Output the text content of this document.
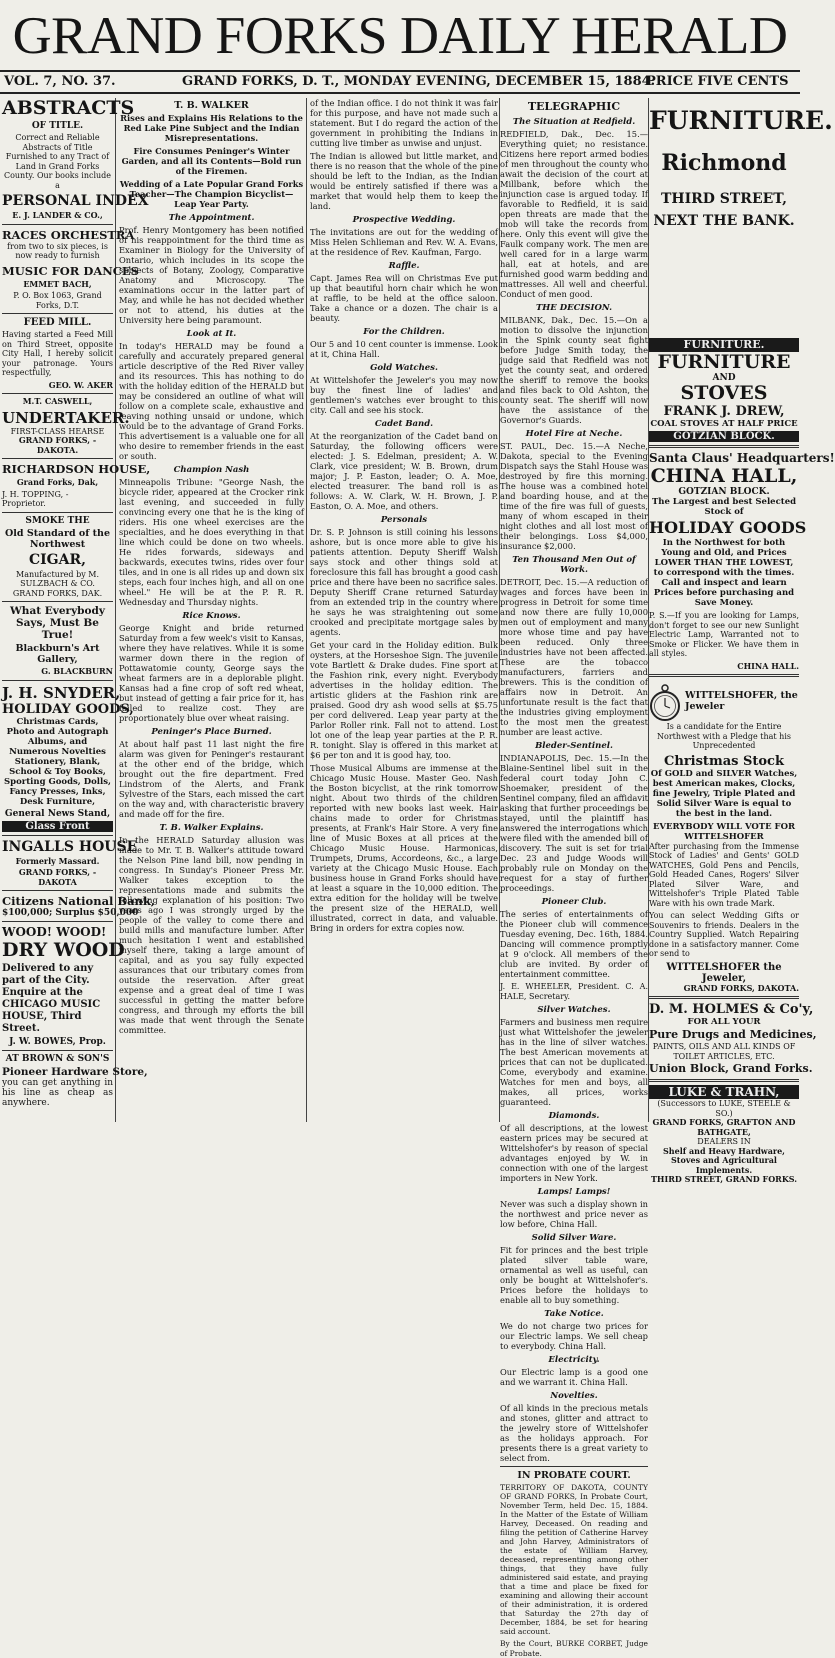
GRAND FORKS DAILY HERALD
VOL. 7, NO. 37.	GRAND FORKS, D. T., MONDAY EVENING, DECEMBER 15, 1884.
PRICE FIVE CENTS
ABSTRACTS
OF TITLE.

Correct and Reliable Abstracts of Title Furnished to any Tract of Land in Grand Forks County. Our books include a

PERSONAL INDEX
E. J. LANDER & CO.,
RACES ORCHESTRA

from two to six pieces, is now ready to furnish

MUSIC FOR DANCES
EMMET BACH,
P. O. Box 1063, Grand Forks, D.T.
FEED MILL.

Having started a Feed Mill on Third Street, opposite City Hall, I hereby solicit your patronage. Yours respectfully,

GEO. W. AKER
M.T. CASWELL,
UNDERTAKER.
FIRST-CLASS HEARSE
GRAND FORKS, - DAKOTA.
RICHARDSON HOUSE,
Grand Forks, Dak,
J. H. TOPPING, - Proprietor.
SMOKE THE
Old Standard of the Northwest
CIGAR,
Manufactured by M. SULZBACH & CO.
GRAND FORKS, DAK.
What Everybody Says, Must Be True!
Blackburn's Art Gallery,
G. BLACKBURN
J. H. SNYDER,
HOLIDAY GOODS,
Christmas Cards, Photo and Autograph Albums, and Numerous Novelties
Stationery, Blank, School & Toy Books, Sporting Goods, Dolls, Fancy Presses, Inks, Desk Furniture,
General News Stand,
Glass Front
INGALLS HOUSE
Formerly Massard.
GRAND FORKS, - DAKOTA
Citizens National Bank,
$100,000; Surplus $50,000
WOOD! WOOD!
DRY WOOD

Delivered to any part of the City. Enquire at the CHICAGO MUSIC HOUSE, Third Street.

J. W. BOWES, Prop.
AT BROWN & SON'S
Pioneer Hardware Store,

you can get anything in his line as cheap as anywhere.

T. B. WALKER

Rises and Explains His Relations to the Red Lake Pine Subject and the Indian Misrepresentations.

Fire Consumes Peninger's Winter Garden, and all its Contents—Bold run of the Firemen.

Wedding of a Late Popular Grand Forks Teacher—The Champion Bicyclist—Leap Year Party.

The Appointment.

Prof. Henry Montgomery has been notified of his reappointment for the third time as Examiner in Biology for the University of Ontario, which includes in its scope the subjects of Botany, Zoology, Comparative Anatomy and Microscopy. The examinations occur in the latter part of May, and while he has not decided whether or not to attend, his duties at the University here being paramount.

Look at It.

In today's HERALD may be found a carefully and accurately prepared general article descriptive of the Red River valley and its resources. This has nothing to do with the holiday edition of the HERALD but may be considered an outline of what will follow on a complete scale, exhaustive and leaving nothing unsaid or undone, which would be to the advantage of Grand Forks. This advertisement is a valuable one for all who desire to remember friends in the east or south.

Champion Nash

Minneapolis Tribune: "George Nash, the bicycle rider, appeared at the Crocker rink last evening, and succeeded in fully convincing every one that he is the king of riders. His one wheel exercises are the specialties, and he does everything in that line which could be done on two wheels. He rides forwards, sideways and backwards, executes twins, rides over four tiles, and in one is all rides up and down six steps, each four inches high, and all on one wheel." He will be at the P. R. R. Wednesday and Thursday nights.

Rice Knows.

George Knight and bride returned Saturday from a few week's visit to Kansas, where they have relatives. While it is some warmer down there in the region of Pottawatomie county, George says the wheat farmers are in a deplorable plight. Kansas had a fine crop of soft red wheat, but instead of getting a fair price for it, has failed to realize cost. They are proportionately blue over wheat raising.

Peninger's Place Burned.

At about half past 11 last night the fire alarm was given for Peninger's restaurant at the other end of the bridge, which brought out the fire department. Fred Lindstrom of the Alerts, and Frank Sylvestre of the Stars, each missed the cart on the way and, with characteristic bravery and made off for the fire.

T. B. Walker Explains.

In the HERALD Saturday allusion was made to Mr. T. B. Walker's attitude toward the Nelson Pine land bill, now pending in congress. In Sunday's Pioneer Press Mr. Walker takes exception to the representations made and submits the following explanation of his position: Two years ago I was strongly urged by the people of the valley to come there and build mills and manufacture lumber. After much hesitation I went and established myself there, taking a large amount of capital, and as you say fully expected assurances that our tributary comes from outside the reservation. After great expense and a great deal of time I was successful in getting the matter before congress, and through my efforts the bill was made that went through the Senate committee.

of the Indian office. I do not think it was fair for this purpose, and have not made such a statement. But I do regard the action of the government in prohibiting the Indians in cutting live timber as unwise and unjust.

The Indian is allowed but little market, and there is no reason that the whole of the pine should be left to the Indian, as the Indian would be entirely satisfied if there was a market that would help them to keep the land.

Prospective Wedding.

The invitations are out for the wedding of Miss Helen Schlieman and Rev. W. A. Evans, at the residence of Rev. Kaufman, Fargo.

Raffle.

Capt. James Rea will on Christmas Eve put up that beautiful horn chair which he won at raffle, to be held at the office saloon. Take a chance or a dozen. The chair is a beauty.

For the Children.

Our 5 and 10 cent counter is immense. Look at it, China Hall.

Gold Watches.

At Wittelshofer the Jeweler's you may now buy the finest line of ladies' and gentlemen's watches ever brought to this city. Call and see his stock.

Cadet Band.

At the reorganization of the Cadet band on Saturday, the following officers were elected: J. S. Edelman, president; A. W. Clark, vice president; W. B. Brown, drum major; J. P. Easton, leader; O. A. Moe, elected treasurer. The band roll is as follows: A. W. Clark, W. H. Brown, J. P. Easton, O. A. Moe, and others.

Personals

Dr. S. P. Johnson is still coining his lessons ashore, but is once more able to give his patients attention. Deputy Sheriff Walsh says stock and other things sold at foreclosure this fall has brought a good cash price and there have been no sacrifice sales. Deputy Sheriff Crane returned Saturday from an extended trip in the country where he says he was straightening out some crooked and precipitate mortgage sales by agents.

Get your card in the Holiday edition. Bulk oysters, at the Horseshoe Sign. The juvenile vote Bartlett & Drake dudes. Fine sport at the Fashion rink, every night. Everybody advertises in the holiday edition. The artistic gliders at the Fashion rink are praised. Good dry ash wood sells at $5.75 per cord delivered. Leap year party at the Parlor Roller rink. Fall not to attend. Lost lot one of the leap year parties at the P. R. R. tonight. Slay is offered in this market at $6 per ton and it is good hay, too.

Those Musical Albums are immense at the Chicago Music House. Master Geo. Nash the Boston bicyclist, at the rink tomorrow night. About two thirds of the children reported with new books last week. Hair chains made to order for Christmas presents, at Frank's Hair Store. A very fine line of Music Boxes at all prices at the Chicago Music House. Harmonicas, Trumpets, Drums, Accordeons, &c., a large variety at the Chicago Music House. Each business house in Grand Forks should have at least a square in the 10,000 edition. The extra edition for the holiday will be twelve the present size of the HERALD, well illustrated, correct in data, and valuable. Bring in orders for extra copies now.

TELEGRAPHIC
The Situation at Redfield.

REDFIELD, Dak., Dec. 15.—Everything quiet; no resistance. Citizens here report armed bodies of men throughout the county who await the decision of the court at Millbank, before which the injunction case is argued today. If favorable to Redfield, it is said open threats are made that the mob will take the records from here. Only this event will give the Faulk company work. The men are well cared for in a large warm hall, eat at hotels, and are furnished good warm bedding and mattresses. All well and cheerful. Conduct of men good.

THE DECISION.

MILBANK, Dak., Dec. 15.—On a motion to dissolve the injunction in the Spink county seat fight before Judge Smith today, the judge said that Redfield was not yet the county seat, and ordered the sheriff to remove the books and files back to Old Ashton, the county seat. The sheriff will now have the assistance of the Governor's Guards.

Hotel Fire at Neche.

ST. PAUL, Dec. 15.—A Neche, Dakota, special to the Evening Dispatch says the Stahl House was destroyed by fire this morning. The house was a combined hotel and boarding house, and at the time of the fire was full of guests, many of whom escaped in their night clothes and all lost most of their belongings. Loss $4,000, insurance $2,000.

Ten Thousand Men Out of Work.

DETROIT, Dec. 15.—A reduction of wages and forces have been in progress in Detroit for some time and now there are fully 10,000 men out of employment and many more whose time and pay have been reduced. Only three industries have not been affected. These are the tobacco manufacturers, farriers and brewers. This is the condition of affairs now in Detroit. An unfortunate result is the fact that the industries giving employment to the most men the greatest number are least active.

Bleder-Sentinel.

INDIANAPOLIS, Dec. 15.—In the Blaine-Sentinel libel suit in the federal court today John C. Shoemaker, president of the Sentinel company, filed an affidavit asking that further proceedings be stayed, until the plaintiff has answered the interrogations which were filed with the amended bill of discovery. The suit is set for trial Dec. 23 and Judge Woods will probably rule on Monday on the request for a stay of further proceedings.

Pioneer Club.

The series of entertainments of the Pioneer club will commence Tuesday evening, Dec. 16th, 1884. Dancing will commence promptly at 9 o'clock. All members of the club are invited. By order of entertainment committee.

J. E. WHEELER, President. C. A. HALE, Secretary.

Silver Watches.

Farmers and business men require just what Wittelshofer the jeweler has in the line of silver watches. The best American movements at prices that can not be duplicated. Come, everybody and examine. Watches for men and boys, all makes, all prices, works guaranteed.

Diamonds.

Of all descriptions, at the lowest eastern prices may be secured at Wittelshofer's by reason of special advantages enjoyed by W. in connection with one of the largest importers in New York.

Lamps! Lamps!

Never was such a display shown in the northwest and price never as low before, China Hall.

Solid Silver Ware.

Fit for princes and the best triple plated silver table ware, ornamental as well as useful, can only be bought at Wittelshofer's. Prices before the holidays to enable all to buy something.

Take Notice.

We do not charge two prices for our Electric lamps. We sell cheap to everybody. China Hall.

Electricity.

Our Electric lamp is a good one and we warrant it. China Hall.

Novelties.

Of all kinds in the precious metals and stones, glitter and attract to the jewelry store of Wittelshofer as the holidays approach. For presents there is a great variety to select from.

IN PROBATE COURT.

TERRITORY OF DAKOTA, COUNTY OF GRAND FORKS, In Probate Court, November Term, held Dec. 15, 1884. In the Matter of the Estate of William Harvey, Deceased. On reading and filing the petition of Catherine Harvey and John Harvey, Administrators of the estate of William Harvey, deceased, representing among other things, that they have fully administered said estate, and praying that a time and place be fixed for examining and allowing their account of their administration, it is ordered that Saturday the 27th day of December, 1884, be set for hearing said account.

By the Court, BURKE CORBET, Judge of Probate.

FURNITURE.
Richmond
THIRD STREET,
NEXT THE BANK.
FURNITURE.
FURNITURE
AND
STOVES
FRANK J. DREW,
COAL STOVES AT HALF PRICE
GOTZIAN BLOCK.
Santa Claus' Headquarters!
CHINA HALL,
GOTZIAN BLOCK.
The Largest and best Selected Stock of
HOLIDAY GOODS

In the Northwest for both Young and Old, and Prices LOWER THAN THE LOWEST, to correspond with the times. Call and inspect and learn Prices before purchasing and Save Money.

P. S.—If you are looking for Lamps, don't forget to see our new Sunlight Electric Lamp, Warranted not to Smoke or Flicker. We have them in all styles.

CHINA HALL.
WITTELSHOFER, the Jeweler

Is a candidate for the Entire Northwest with a Pledge that his Unprecedented

Christmas Stock

Of GOLD and SILVER Watches, best American makes, Clocks, fine Jewelry, Triple Plated and Solid Silver Ware is equal to the best in the land.

EVERYBODY WILL VOTE FOR WITTELSHOFER

After purchasing from the Immense Stock of Ladies' and Gents' GOLD WATCHES, Gold Pens and Pencils, Gold Headed Canes, Rogers' Silver Plated Silver Ware, and Wittelshofer's Triple Plated Table Ware with his own trade Mark.

You can select Wedding Gifts or Souvenirs to friends. Dealers in the Country Supplied. Watch Repairing done in a satisfactory manner. Come or send to

WITTELSHOFER the Jeweler,
GRAND FORKS, DAKOTA.
D. M. HOLMES & Co'y,
FOR ALL YOUR
Pure Drugs and Medicines,
PAINTS, OILS AND ALL KINDS OF TOILET ARTICLES, ETC.
Union Block, Grand Forks.
LUKE & TRAHN,
(Successors to LUKE, STEELE & SO.)
GRAND FORKS, GRAFTON AND BATHGATE,
DEALERS IN
Shelf and Heavy Hardware, Stoves and Agricultural Implements.
THIRD STREET, GRAND FORKS.
